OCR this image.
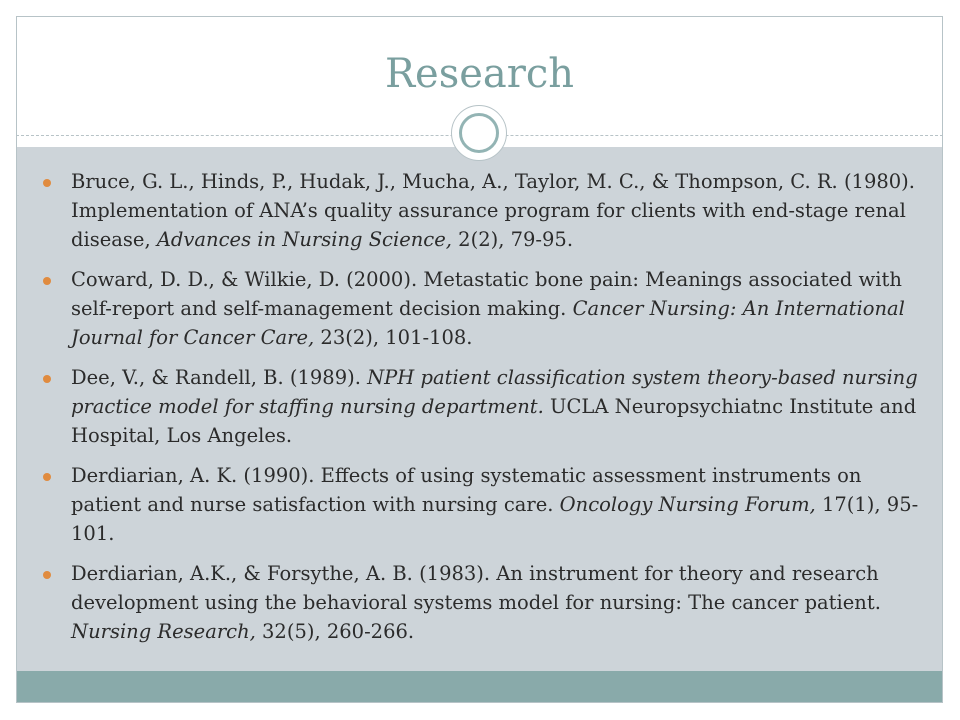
Research
Bruce, G. L., Hinds, P., Hudak, J., Mucha, A., Taylor, M. C., & Thompson, C. R. (1980). Implementation of ANA’s quality assurance program for clients with end-stage renal disease, Advances in Nursing Science, 2(2), 79-95.
Coward, D. D., & Wilkie, D. (2000). Metastatic bone pain: Meanings associated with self-report and self-management decision making. Cancer Nursing: An International Journal for Cancer Care, 23(2), 101-108.
Dee, V., & Randell, B. (1989). NPH patient classification system theory-based nursing practice model for staffing nursing department. UCLA Neuropsychiatnc Institute and Hospital, Los Angeles.
Derdiarian, A. K. (1990). Effects of using systematic assessment instruments on patient and nurse satisfaction with nursing care. Oncology Nursing Forum, 17(1), 95-101.
Derdiarian, A.K., & Forsythe, A. B. (1983). An instrument for theory and research development using the behavioral systems model for nursing: The cancer patient. Nursing Research, 32(5), 260-266.
